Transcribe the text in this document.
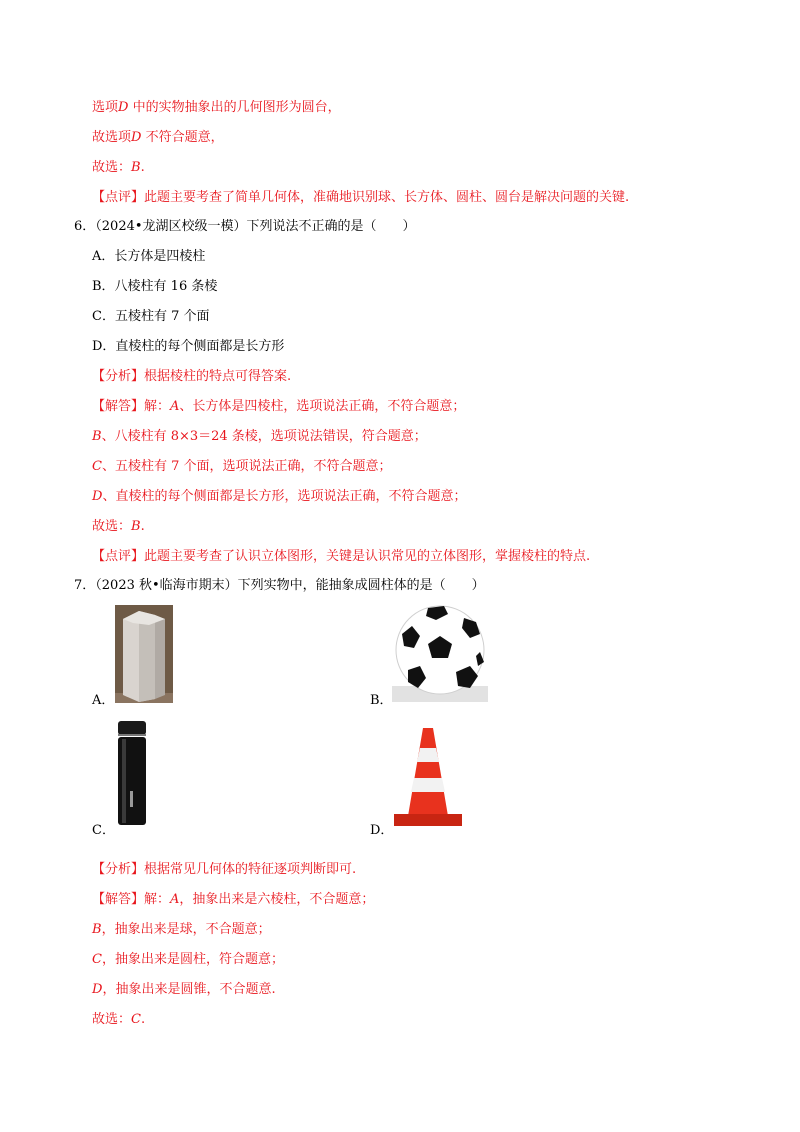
选项D 中的实物抽象出的几何图形为圆台，
故选项D 不符合题意，
故选：B.
【点评】此题主要考查了简单几何体，准确地识别球、长方体、圆柱、圆台是解决问题的关键.
6．（2024•龙湖区校级一模）下列说法不正确的是（　　）
A．长方体是四棱柱
B．八棱柱有 16 条棱
C．五棱柱有 7 个面
D．直棱柱的每个侧面都是长方形
【分析】根据棱柱的特点可得答案.
【解答】解：A、长方体是四棱柱，选项说法正确，不符合题意；
B、八棱柱有 8×3＝24 条棱，选项说法错误，符合题意；
C、五棱柱有 7 个面，选项说法正确，不符合题意；
D、直棱柱的每个侧面都是长方形，选项说法正确，不符合题意；
故选：B.
【点评】此题主要考查了认识立体图形，关键是认识常见的立体图形，掌握棱柱的特点.
7．（2023 秋•临海市期末）下列实物中，能抽象成圆柱体的是（　　）
A．	B．
C．	D．
【分析】根据常见几何体的特征逐项判断即可.
【解答】解：A，抽象出来是六棱柱，不合题意；
B，抽象出来是球，不合题意；
C，抽象出来是圆柱，符合题意；
D，抽象出来是圆锥，不合题意.
故选：C.
